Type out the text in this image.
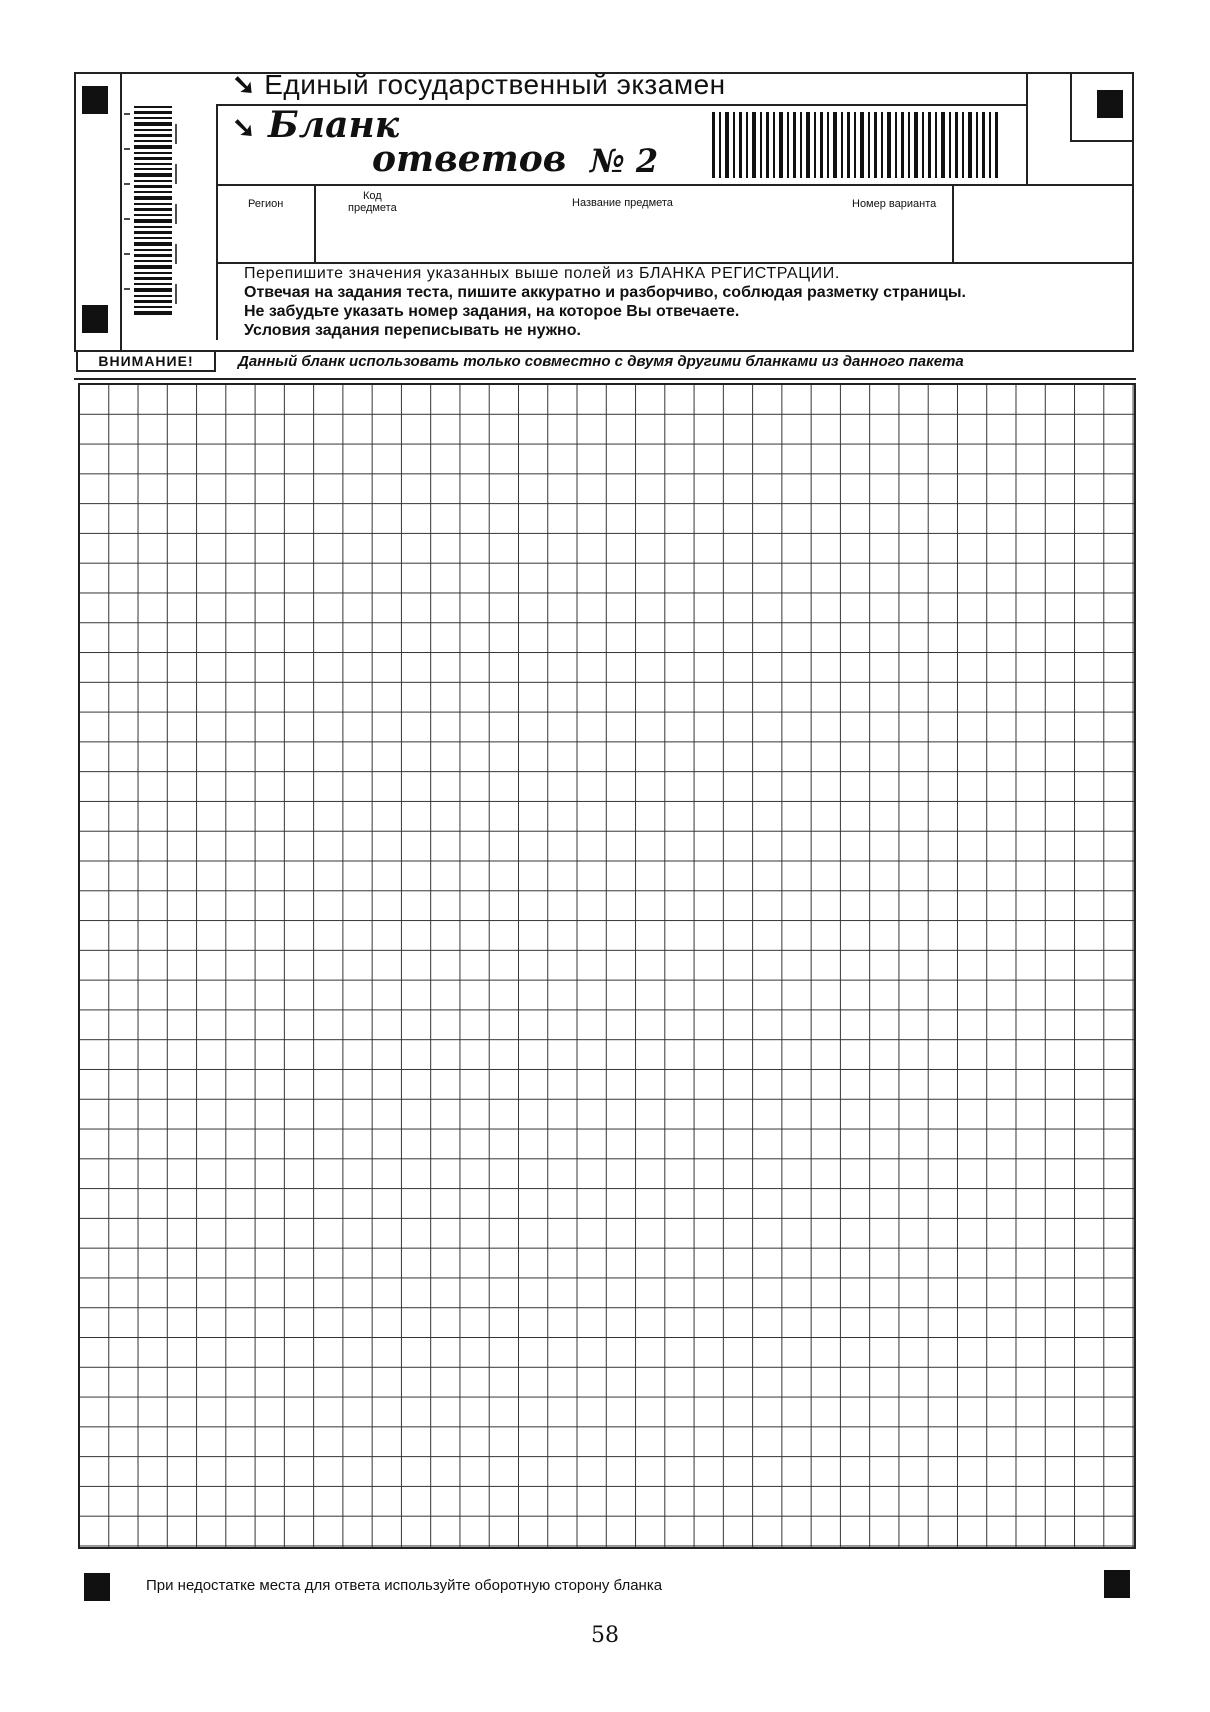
➘ Единый государственный экзамен
➘ Бланк
ответов № 2
Регион
Код
предмета	Название предмета	Номер варианта
Перепишите значения указанных выше полей из БЛАНКА РЕГИСТРАЦИИ.
Отвечая на задания теста, пишите аккуратно и разборчиво, соблюдая разметку страницы.
Не забудьте указать номер задания, на которое Вы отвечаете.
Условия задания переписывать не нужно.
ВНИМАНИЕ!	Данный бланк использовать только совместно с двумя другими бланками из данного пакета
При недостатке места для ответа используйте оборотную сторону бланка
58
